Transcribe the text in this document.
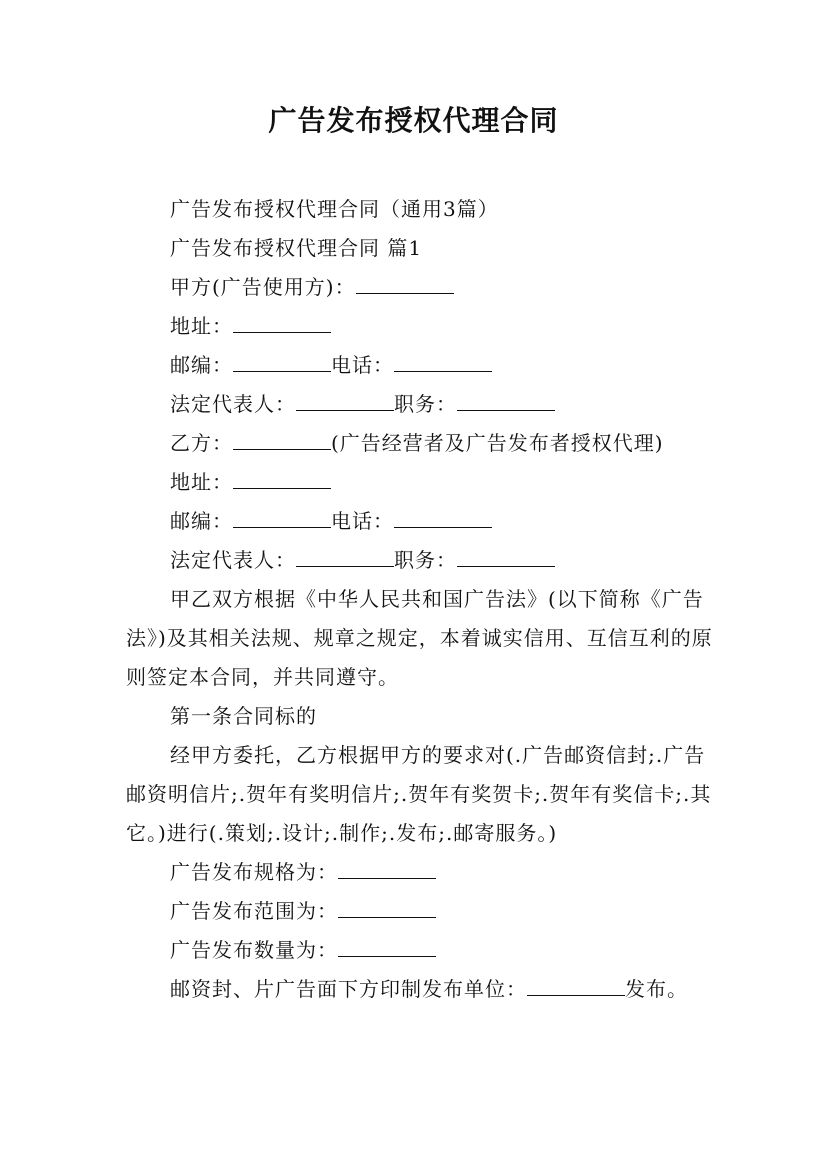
广告发布授权代理合同
广告发布授权代理合同（通用3篇）
广告发布授权代理合同 篇1
甲方(广告使用方)：
地址：
邮编：	电话：
法定代表人：	职务：
乙方：	(广告经营者及广告发布者授权代理)
地址：
邮编：	电话：
法定代表人：	职务：
甲乙双方根据《中华人民共和国广告法》(以下简称《广告法》)及其相关法规、规章之规定，本着诚实信用、互信互利的原则签定本合同，并共同遵守。
第一条合同标的
经甲方委托，乙方根据甲方的要求对(.广告邮资信封;.广告邮资明信片;.贺年有奖明信片;.贺年有奖贺卡;.贺年有奖信卡;.其它。)进行(.策划;.设计;.制作;.发布;.邮寄服务。)
广告发布规格为：
广告发布范围为：
广告发布数量为：
邮资封、片广告面下方印制发布单位：	发布。
